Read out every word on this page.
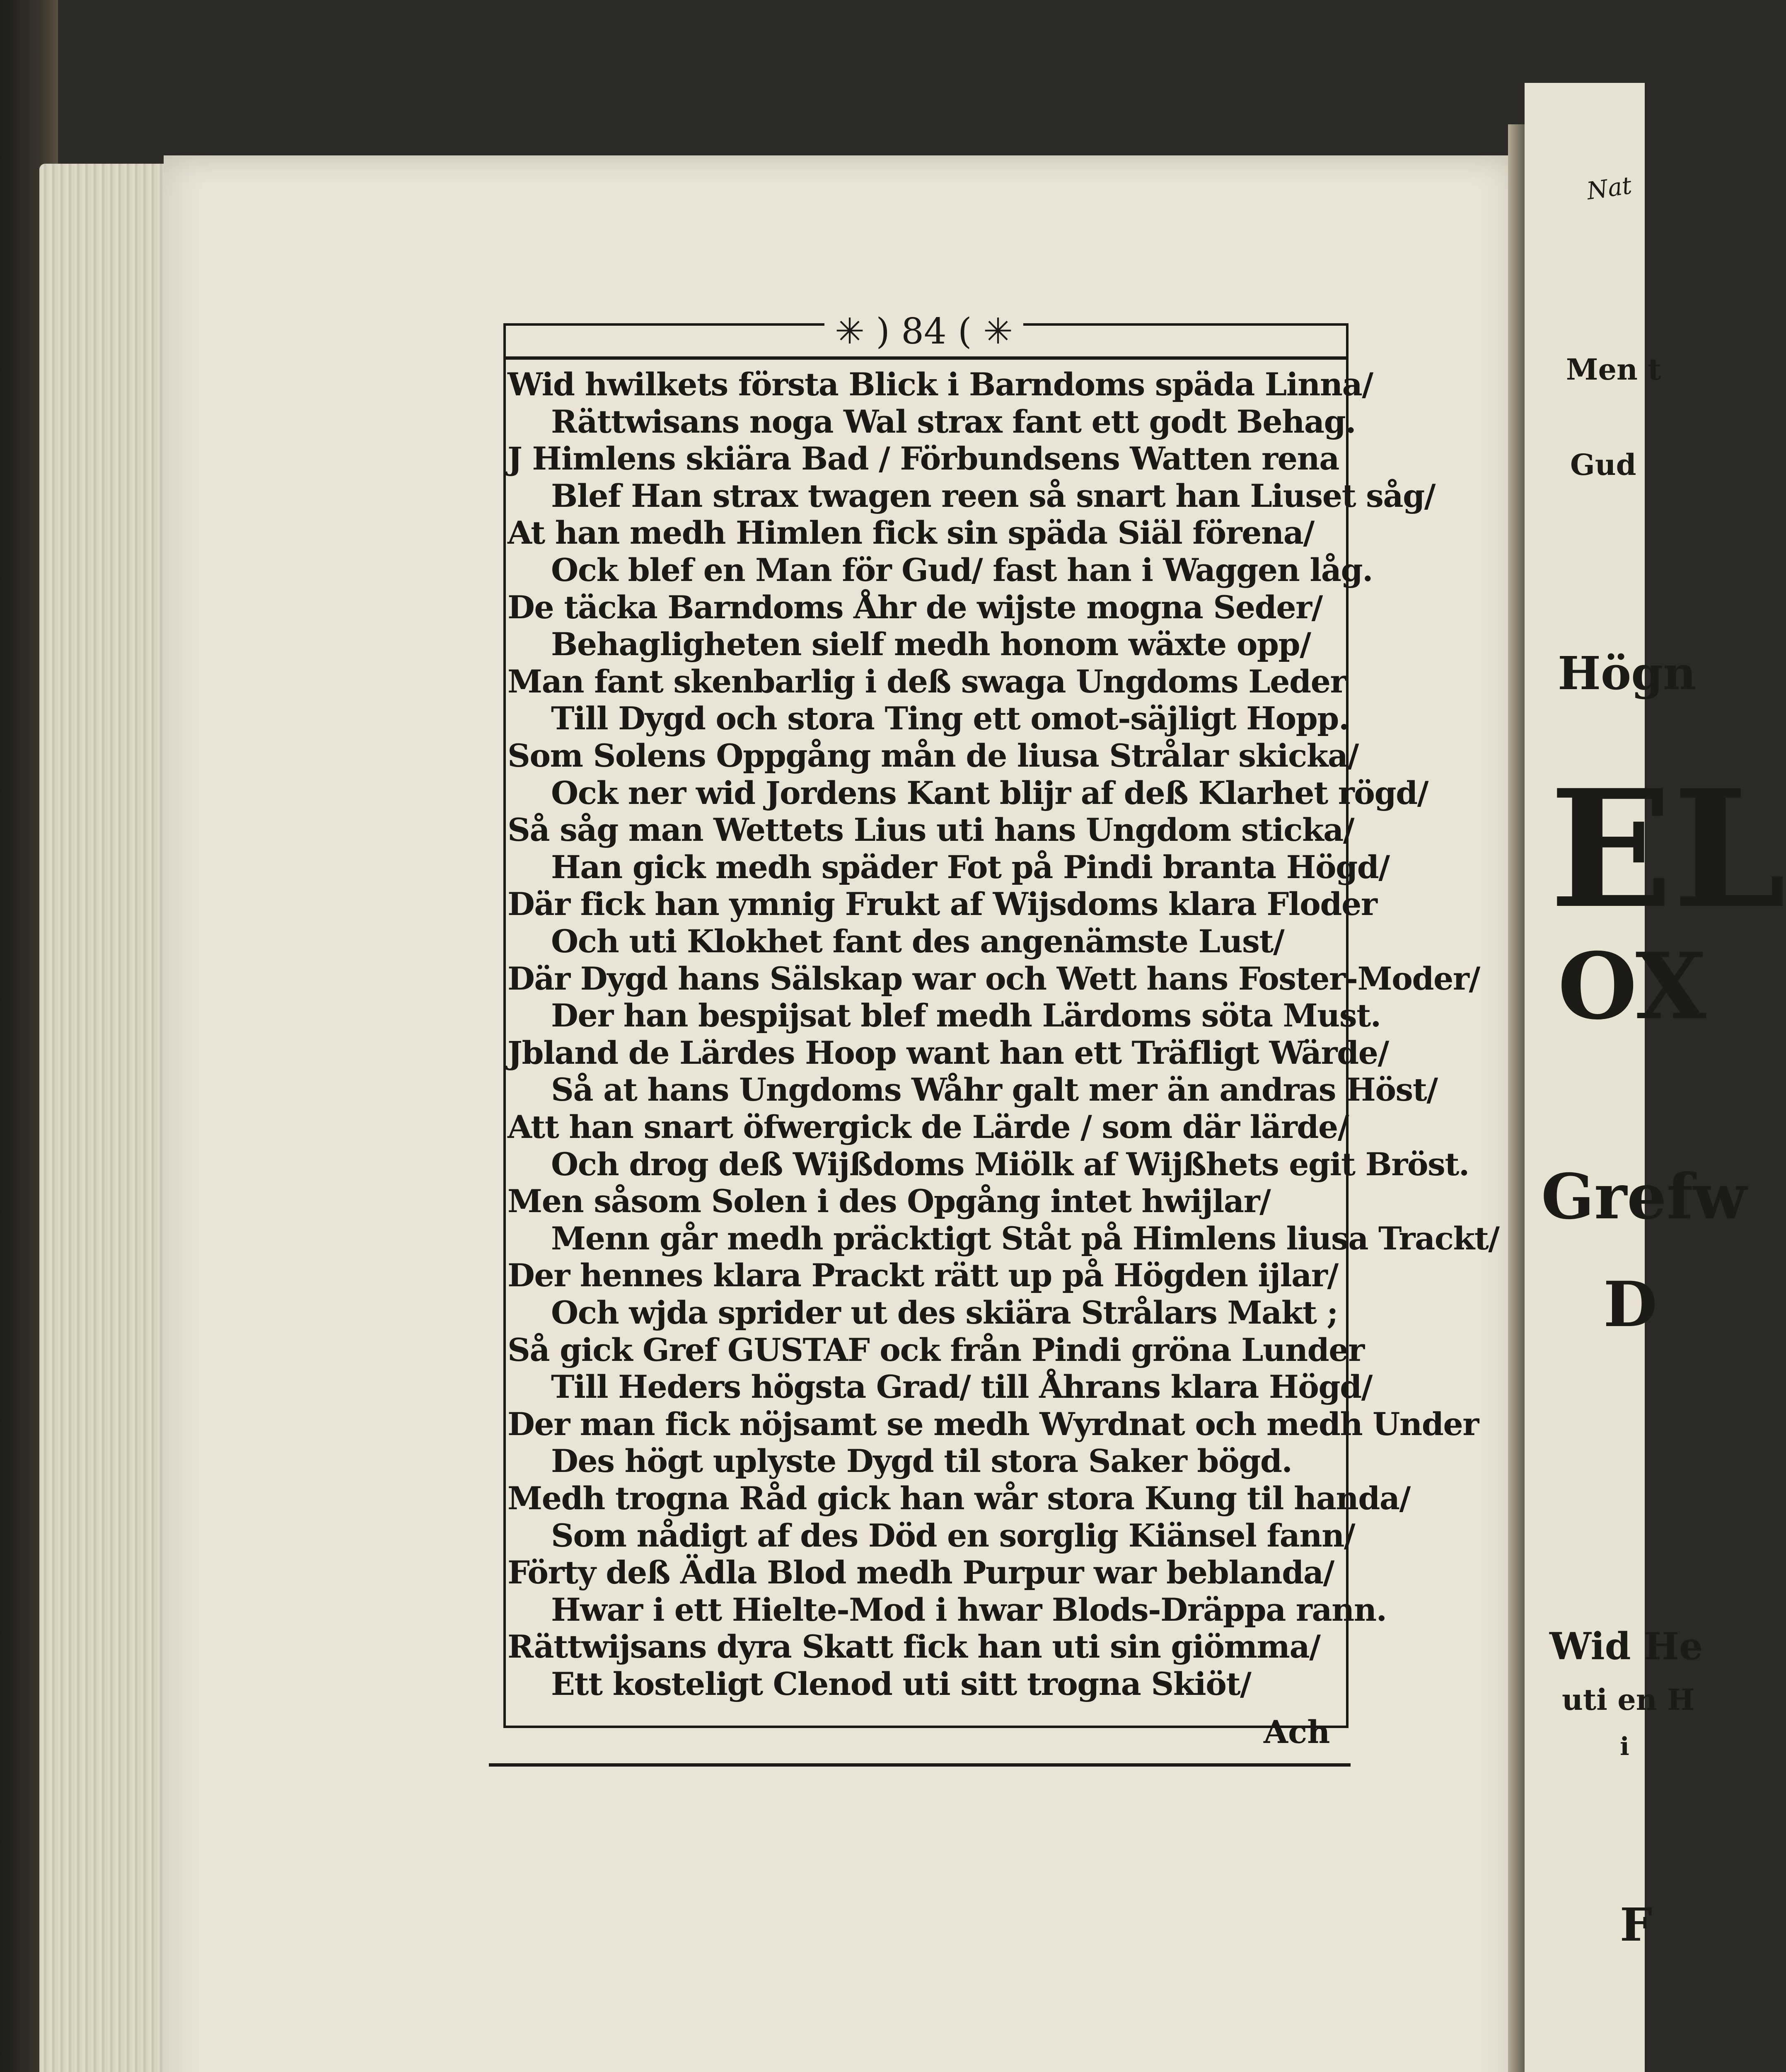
✳ ) 84 ( ✳
Wid hwilkets första Blick i Barndoms späda Linna/
Rättwisans noga Wal strax fant ett godt Behag.
J Himlens skiära Bad / Förbundsens Watten rena
Blef Han strax twagen reen så snart han Liuset såg/
At han medh Himlen fick sin späda Siäl förena/
Ock blef en Man för Gud/ fast han i Waggen låg.
De täcka Barndoms Åhr de wijste mogna Seder/
Behagligheten sielf medh honom wäxte opp/
Man fant skenbarlig i deß swaga Ungdoms Leder
Till Dygd och stora Ting ett omot-säjligt Hopp.
Som Solens Oppgång mån de liusa Strålar skicka/
Ock ner wid Jordens Kant blijr af deß Klarhet rögd/
Så såg man Wettets Lius uti hans Ungdom sticka/
Han gick medh späder Fot på Pindi branta Högd/
Där fick han ymnig Frukt af Wijsdoms klara Floder
Och uti Klokhet fant des angenämste Lust/
Där Dygd hans Sälskap war och Wett hans Foster-Moder/
Der han bespijsat blef medh Lärdoms söta Must.
Jbland de Lärdes Hoop want han ett Träfligt Wärde/
Så at hans Ungdoms Wåhr galt mer än andras Höst/
Att han snart öfwergick de Lärde / som där lärde/
Och drog deß Wijßdoms Miölk af Wijßhets egit Bröst.
Men såsom Solen i des Opgång intet hwijlar/
Menn går medh präcktigt Ståt på Himlens liusa Trackt/
Der hennes klara Prackt rätt up på Högden ijlar/
Och wjda sprider ut des skiära Strålars Makt ;
Så gick Gref GUSTAF ock från Pindi gröna Lunder
Till Heders högsta Grad/ till Åhrans klara Högd/
Der man fick nöjsamt se medh Wyrdnat och medh Under
Des högt uplyste Dygd til stora Saker bögd.
Medh trogna Råd gick han wår stora Kung til handa/
Som nådigt af des Död en sorglig Kiänsel fann/
Förty deß Ädla Blod medh Purpur war beblanda/
Hwar i ett Hielte-Mod i hwar Blods-Dräppa rann.
Rättwijsans dyra Skatt fick han uti sin giömma/
Ett kosteligt Clenod uti sitt trogna Skiöt/
Ach
Nat
Men t
Gud
Högn
EL
OX
Grefw
D
Wid He
uti en H
i
F
